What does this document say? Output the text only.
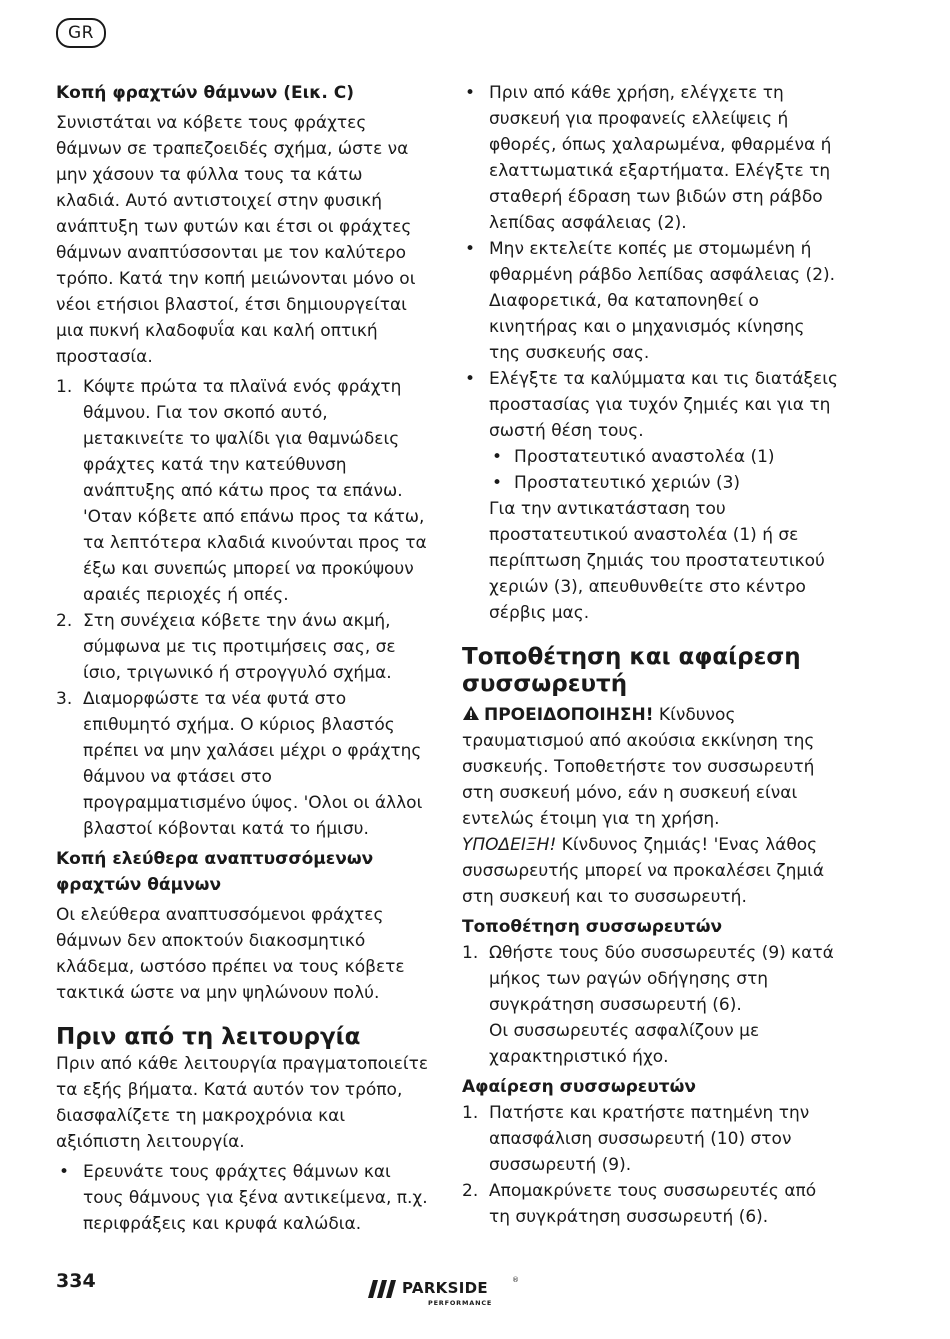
GR
Κοπή φραχτών θάμνων (Εικ. C)

Συνιστάται να κόβετε τους φράχτες θάμνων σε τραπεζοειδές σχήμα, ώστε να μην χάσουν τα φύλλα τους τα κάτω κλαδιά. Αυτό αντιστοιχεί στην φυσική ανάπτυξη των φυτών και έτσι οι φράχτες θάμνων αναπτύσσονται με τον καλύτερο τρόπο. Κατά την κοπή μειώνονται μόνο οι νέοι ετήσιοι βλαστοί, έτσι δημιουργείται μια πυκνή κλαδοφυΐα και καλή οπτική προστασία.

1. Κόψτε πρώτα τα πλαϊνά ενός φράχτη θάμνου. Για τον σκοπό αυτό, μετακινείτε το ψαλίδι για θαμνώδεις φράχτες κατά την κατεύθυνση ανάπτυξης από κάτω προς τα επάνω. 'Οταν κόβετε από επάνω προς τα κάτω, τα λεπτότερα κλαδιά κινούνται προς τα έξω και συνεπώς μπορεί να προκύψουν αραιές περιοχές ή οπές.
2. Στη συνέχεια κόβετε την άνω ακμή, σύμφωνα με τις προτιμήσεις σας, σε ίσιο, τριγωνικό ή στρογγυλό σχήμα.
3. Διαμορφώστε τα νέα φυτά στο επιθυμητό σχήμα. Ο κύριος βλαστός πρέπει να μην χαλάσει μέχρι ο φράχτης θάμνου να φτάσει στο προγραμματισμένο ύψος. 'Ολοι οι άλλοι βλαστοί κόβονται κατά το ήμισυ.
Κοπή ελεύθερα αναπτυσσόμενων φραχτών θάμνων

Οι ελεύθερα αναπτυσσόμενοι φράχτες θάμνων δεν αποκτούν διακοσμητικό κλάδεμα, ωστόσο πρέπει να τους κόβετε τακτικά ώστε να μην ψηλώνουν πολύ.

Πριν από τη λειτουργία

Πριν από κάθε λειτουργία πραγματοποιείτε τα εξής βήματα. Κατά αυτόν τον τρόπο, διασφαλίζετε τη μακροχρόνια και αξιόπιστη λειτουργία.

• Ερευνάτε τους φράχτες θάμνων και τους θάμνους για ξένα αντικείμενα, π.χ. περιφράξεις και κρυφά καλώδια.
• Πριν από κάθε χρήση, ελέγχετε τη συσκευή για προφανείς ελλείψεις ή φθορές, όπως χαλαρωμένα, φθαρμένα ή ελαττωματικά εξαρτήματα. Ελέγξτε τη σταθερή έδραση των βιδών στη ράβδο λεπίδας ασφάλειας (2).
• Μην εκτελείτε κοπές με στομωμένη ή φθαρμένη ράβδο λεπίδας ασφάλειας (2). Διαφορετικά, θα καταπονηθεί ο κινητήρας και ο μηχανισμός κίνησης της συσκευής σας.
• Ελέγξτε τα καλύμματα και τις διατάξεις προστασίας για τυχόν ζημιές και για τη σωστή θέση τους.
• Προστατευτικό αναστολέα (1)
• Προστατευτικό χεριών (3)

Για την αντικατάσταση του προστατευτικού αναστολέα (1) ή σε περίπτωση ζημιάς του προστατευτικού χεριών (3), απευθυνθείτε στο κέντρο σέρβις μας.

Τοποθέτηση και αφαίρεση συσσωρευτή

ΠΡΟΕΙΔΟΠΟΙΗΣΗ! Κίνδυνος τραυματισμού από ακούσια εκκίνηση της συσκευής. Τοποθετήστε τον συσσωρευτή στη συσκευή μόνο, εάν η συσκευή είναι εντελώς έτοιμη για τη χρήση.

ΥΠΟΔΕΙΞΗ! Κίνδυνος ζημιάς! 'Ενας λάθος συσσωρευτής μπορεί να προκαλέσει ζημιά στη συσκευή και το συσσωρευτή.

Τοποθέτηση συσσωρευτών
1. Ωθήστε τους δύο συσσωρευτές (9) κατά μήκος των ραγών οδήγησης στη συγκράτηση συσσωρευτή (6).

Οι συσσωρευτές ασφαλίζουν με χαρακτηριστικό ήχο.

Αφαίρεση συσσωρευτών
1. Πατήστε και κρατήστε πατημένη την απασφάλιση συσσωρευτή (10) στον συσσωρευτή (9).
2. Απομακρύνετε τους συσσωρευτές από τη συγκράτηση συσσωρευτή (6).
334	PARKSIDE	®
PERFORMANCE
